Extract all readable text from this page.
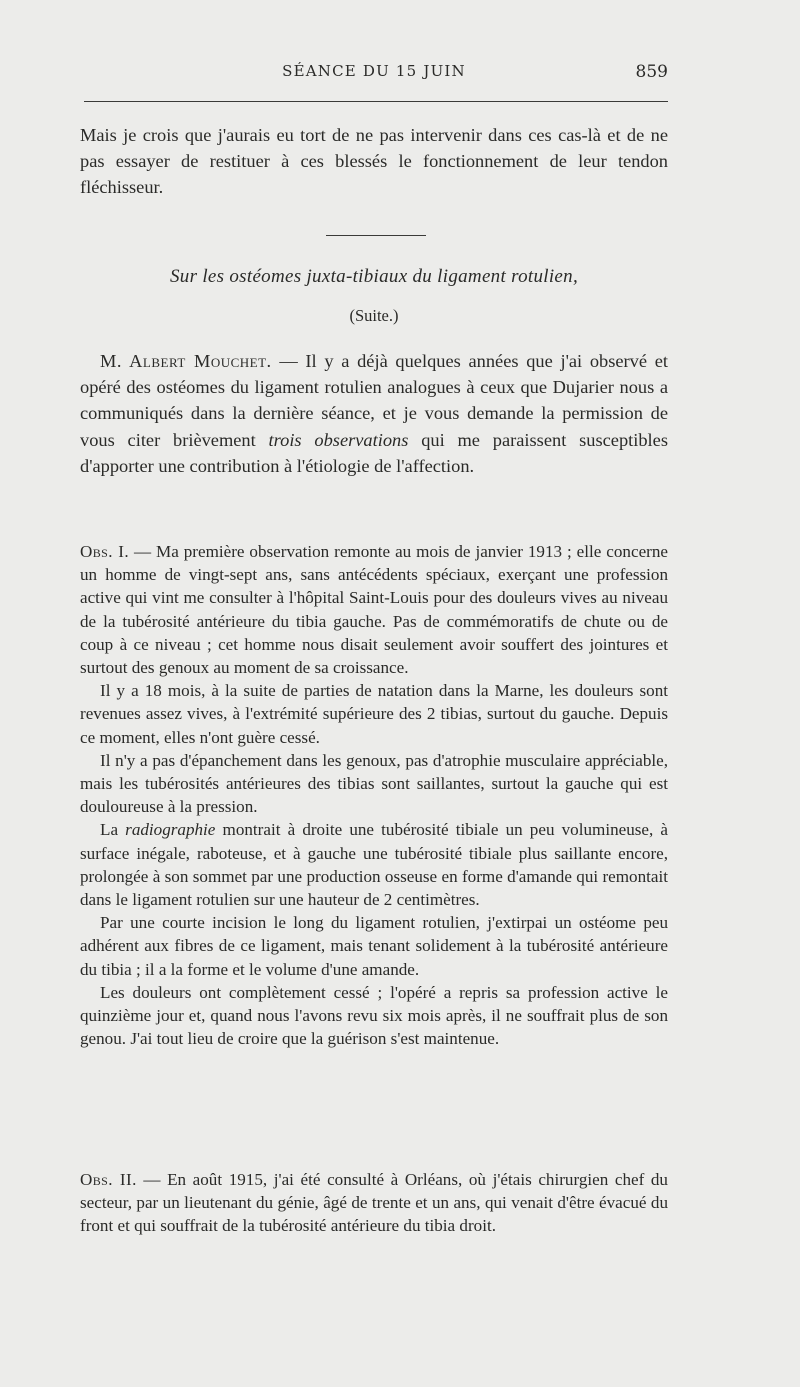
SÉANCE DU 15 JUIN	859

Mais je crois que j'aurais eu tort de ne pas intervenir dans ces cas-là et de ne pas essayer de restituer à ces blessés le fonctionnement de leur tendon fléchisseur.

Sur les ostéomes juxta-tibiaux du ligament rotulien,
(Suite.)

M. Albert Mouchet. — Il y a déjà quelques années que j'ai observé et opéré des ostéomes du ligament rotulien analogues à ceux que Dujarier nous a communiqués dans la dernière séance, et je vous demande la permission de vous citer brièvement trois observations qui me paraissent susceptibles d'apporter une contribution à l'étiologie de l'affection.

Obs. I. — Ma première observation remonte au mois de janvier 1913 ; elle concerne un homme de vingt-sept ans, sans antécédents spéciaux, exerçant une profession active qui vint me consulter à l'hôpital Saint-Louis pour des douleurs vives au niveau de la tubérosité antérieure du tibia gauche. Pas de commémoratifs de chute ou de coup à ce niveau ; cet homme nous disait seulement avoir souffert des jointures et surtout des genoux au moment de sa croissance.

Il y a 18 mois, à la suite de parties de natation dans la Marne, les douleurs sont revenues assez vives, à l'extrémité supérieure des 2 tibias, surtout du gauche. Depuis ce moment, elles n'ont guère cessé.

Il n'y a pas d'épanchement dans les genoux, pas d'atrophie musculaire appréciable, mais les tubérosités antérieures des tibias sont saillantes, surtout la gauche qui est douloureuse à la pression.

La radiographie montrait à droite une tubérosité tibiale un peu volumineuse, à surface inégale, raboteuse, et à gauche une tubérosité tibiale plus saillante encore, prolongée à son sommet par une production osseuse en forme d'amande qui remontait dans le ligament rotulien sur une hauteur de 2 centimètres.

Par une courte incision le long du ligament rotulien, j'extirpai un ostéome peu adhérent aux fibres de ce ligament, mais tenant solidement à la tubérosité antérieure du tibia ; il a la forme et le volume d'une amande.

Les douleurs ont complètement cessé ; l'opéré a repris sa profession active le quinzième jour et, quand nous l'avons revu six mois après, il ne souffrait plus de son genou. J'ai tout lieu de croire que la guérison s'est maintenue.

Obs. II. — En août 1915, j'ai été consulté à Orléans, où j'étais chirurgien chef du secteur, par un lieutenant du génie, âgé de trente et un ans, qui venait d'être évacué du front et qui souffrait de la tubérosité antérieure du tibia droit.
